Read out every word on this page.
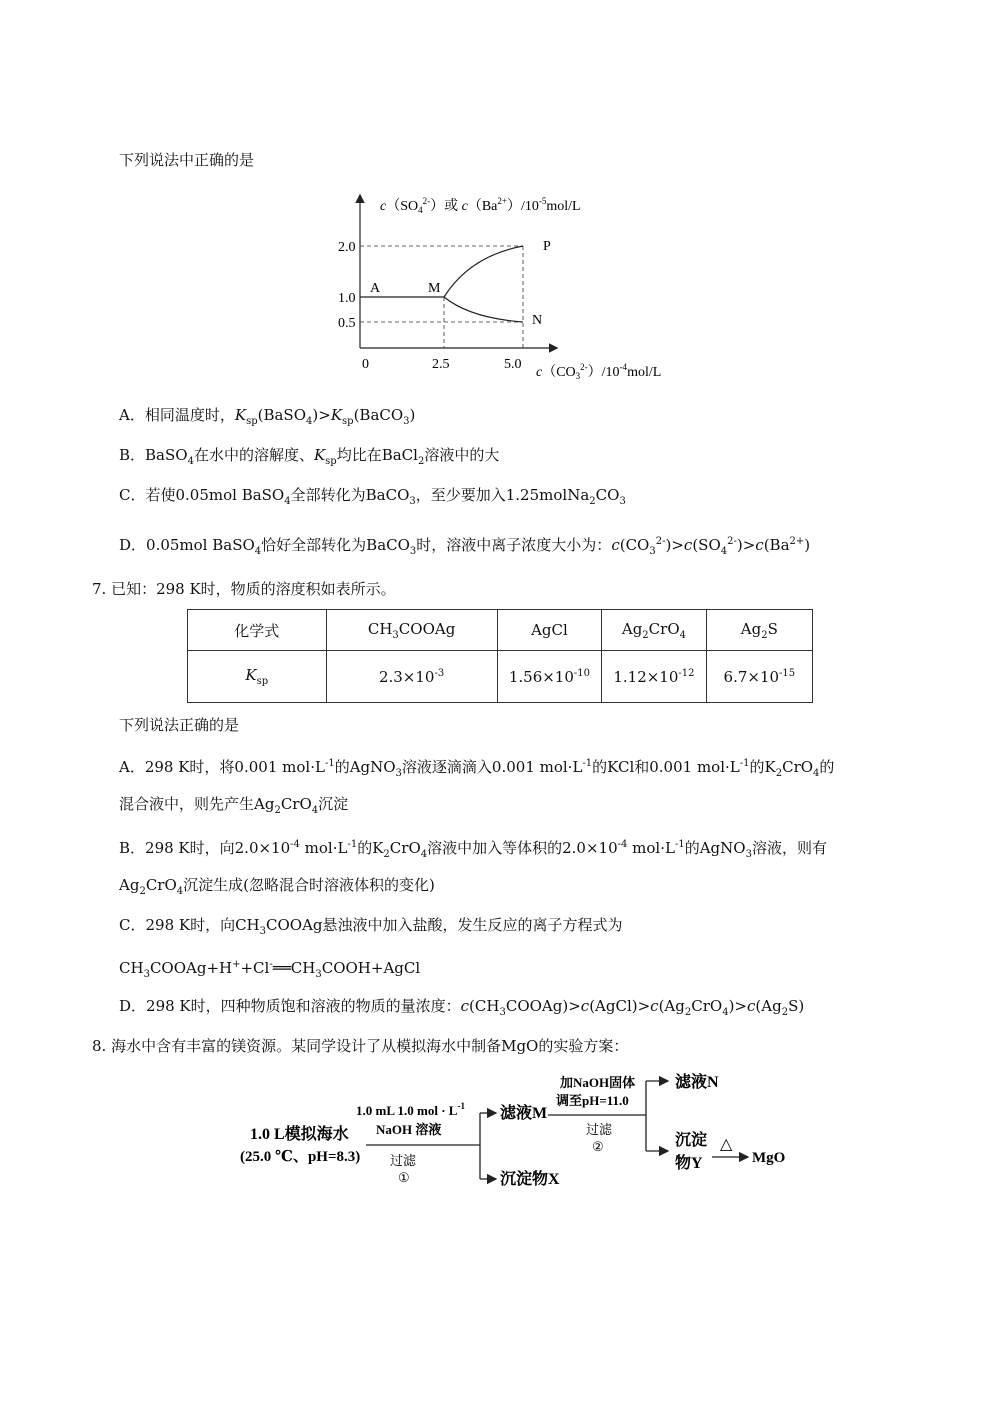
下列说法中正确的是
2.0
1.0
0.5
0	2.5	5.0
A	M
P
N
$c(SO_4^{2-})$或 $c(Ba^{2+})/10^{-5}mol/L$
$c(CO_3^{2-})/10^{-4}mol/L$
A．相同温度时，$K_{sp}(BaSO_4)>K_{sp}(BaCO_3)$
B．BaSO$_4$在水中的溶解度、$K_{sp}$均比在BaCl$_2$溶液中的大
C．若使0.05mol BaSO$_4$全部转化为BaCO$_3$，至少要加入$1.25molNa_2CO_3$
D．0.05mol BaSO$_4$恰好全部转化为BaCO$_3$时，溶液中离子浓度大小为：$c(CO_3^{2-})>c(SO_4^{2-})>c(Ba^{2+})$
7. 已知：298 K时，物质的溶度积如表所示。
化学式	$CH_3COOAg$	AgCl	$Ag_2CrO_4$	$Ag_2S$
$K_{sp}$	$2.3\times 10^{-3}$	$1.56\times 10^{-10}$	$1.12\times 10^{-12}$	$6.7\times 10^{-15}$
下列说法正确的是
A．298 K时，将0.001 $mol\cdot L^{-1}$的AgNO$_3$溶液逐滴滴入0.001 $mol\cdot L^{-1}$的KCl和0.001 $mol\cdot L^{-1}$的$K_2CrO_4$的
混合液中，则先产生$Ag_2CrO_4$沉淀
B．298 K时，向$2.0\times 10^{-4}$ $mol\cdot L^{-1}$的$K_2CrO_4$溶液中加入等体积的$2.0\times 10^{-4}$ $mol\cdot L^{-1}$的AgNO$_3$溶液，则有
$Ag_2CrO_4$沉淀生成(忽略混合时溶液体积的变化)
C．298 K时，向$CH_3COOAg$悬浊液中加入盐酸，发生反应的离子方程式为
$CH_3COOAg+H^++Cl^-══CH_3COOH+AgCl$
D．298 K时，四种物质饱和溶液的物质的量浓度：$c(CH_3COOAg)>c(AgCl)>c(Ag_2CrO_4)>c(Ag_2S)$
8. 海水中含有丰富的镁资源。某同学设计了从模拟海水中制备MgO的实验方案：
1.0 L模拟海水
(25.0 ℃、pH=8.3)
1.0 mL 1.0 mol · $L^{-1}$
NaOH 溶液
过滤
①
滤液M
沉淀物X
加NaOH固体
调至pH=11.0
过滤
②
滤液N
沉淀
物Y
△
MgO
